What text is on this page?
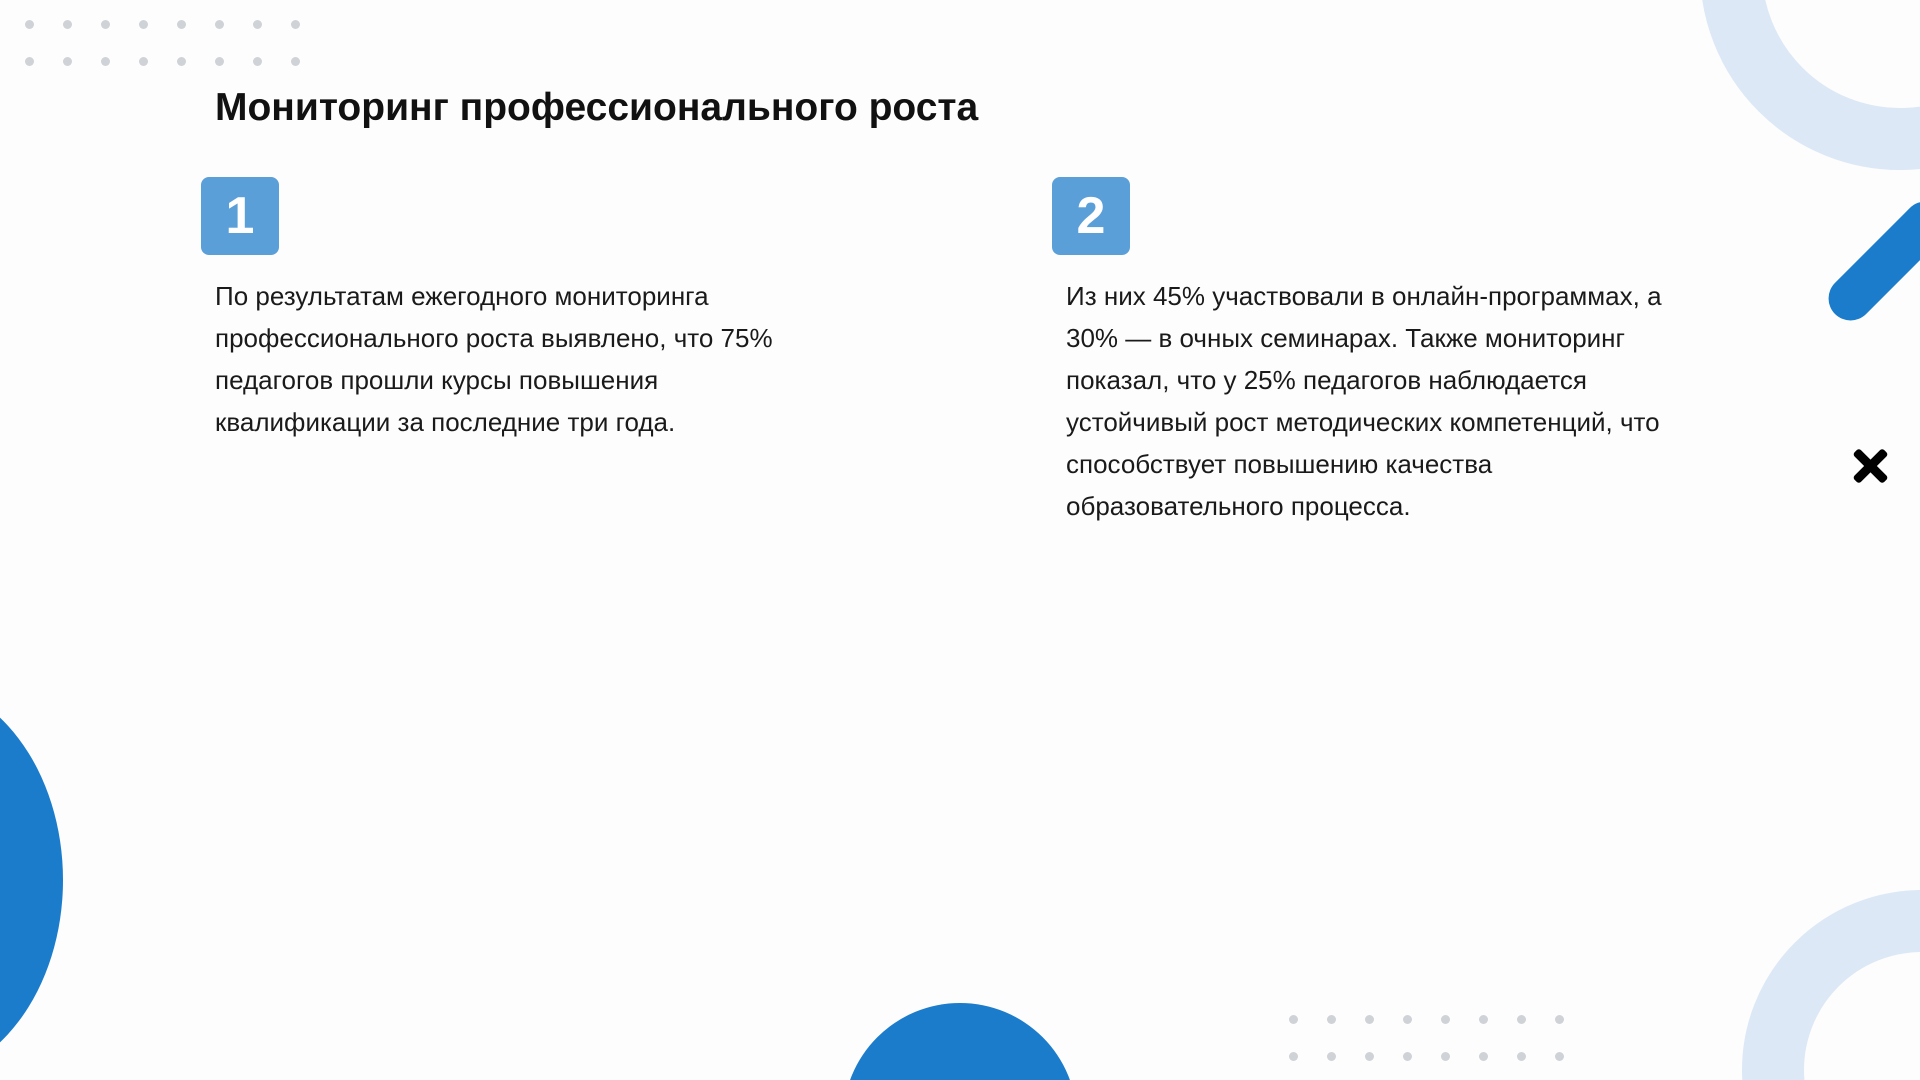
Мониторинг профессионального роста
1

По результатам ежегодного мониторинга профессионального роста выявлено, что 75% педагогов прошли курсы повышения квалификации за последние три года.

2

Из них 45% участвовали в онлайн-программах, а 30% — в очных семинарах. Также мониторинг показал, что у 25% педагогов наблюдается устойчивый рост методических компетенций, что способствует повышению качества образовательного процесса.
